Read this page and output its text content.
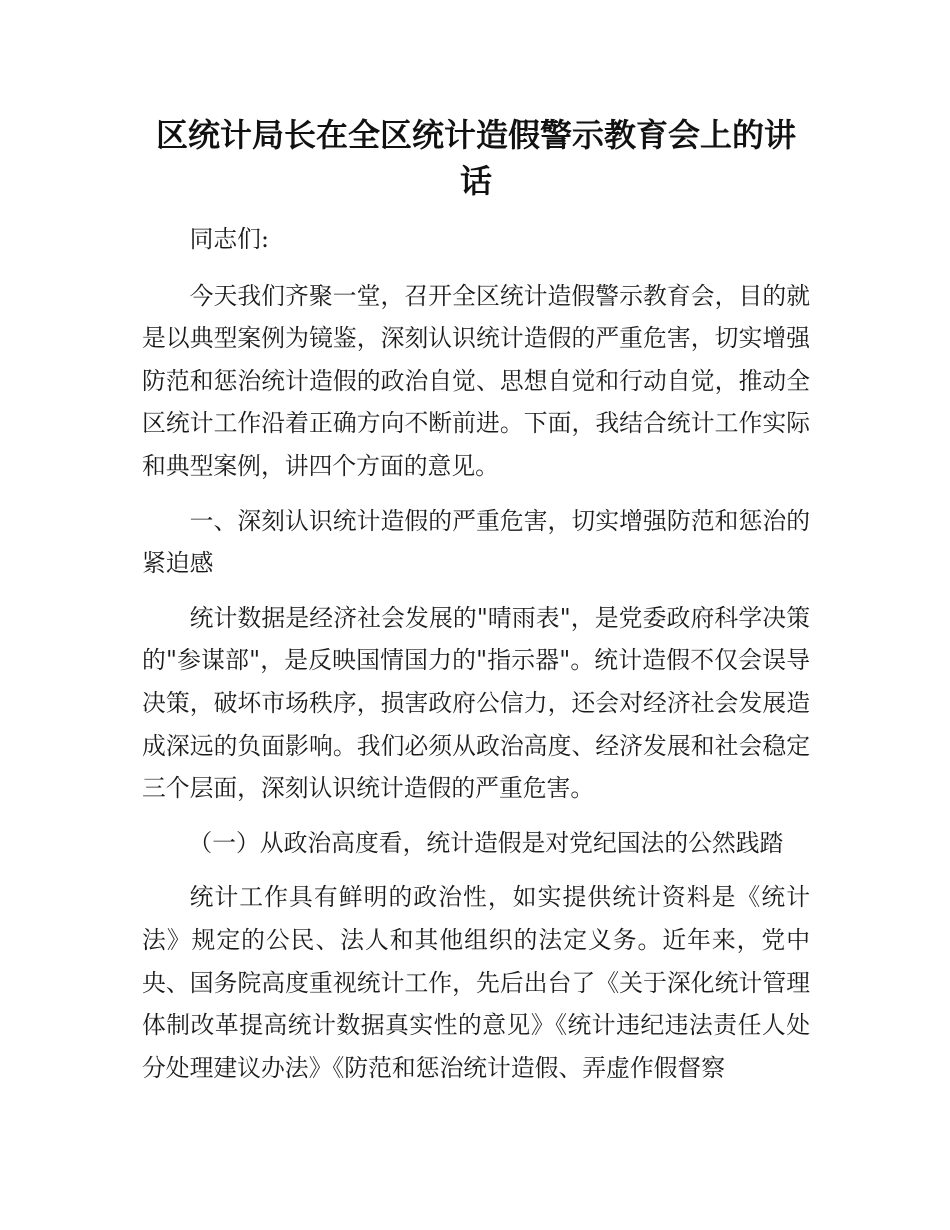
区统计局长在全区统计造假警示教育会上的讲话

同志们:

今天我们齐聚一堂，召开全区统计造假警示教育会，目的就是以典型案例为镜鉴，深刻认识统计造假的严重危害，切实增强防范和惩治统计造假的政治自觉、思想自觉和行动自觉，推动全区统计工作沿着正确方向不断前进。下面，我结合统计工作实际和典型案例，讲四个方面的意见。

一、深刻认识统计造假的严重危害，切实增强防范和惩治的紧迫感

统计数据是经济社会发展的"晴雨表"，是党委政府科学决策的"参谋部"，是反映国情国力的"指示器"。统计造假不仅会误导决策，破坏市场秩序，损害政府公信力，还会对经济社会发展造成深远的负面影响。我们必须从政治高度、经济发展和社会稳定三个层面，深刻认识统计造假的严重危害。

（一）从政治高度看，统计造假是对党纪国法的公然践踏

统计工作具有鲜明的政治性，如实提供统计资料是《统计法》规定的公民、法人和其他组织的法定义务。近年来，党中央、国务院高度重视统计工作，先后出台了《关于深化统计管理体制改革提高统计数据真实性的意见》《统计违纪违法责任人处分处理建议办法》《防范和惩治统计造假、弄虚作假督察
